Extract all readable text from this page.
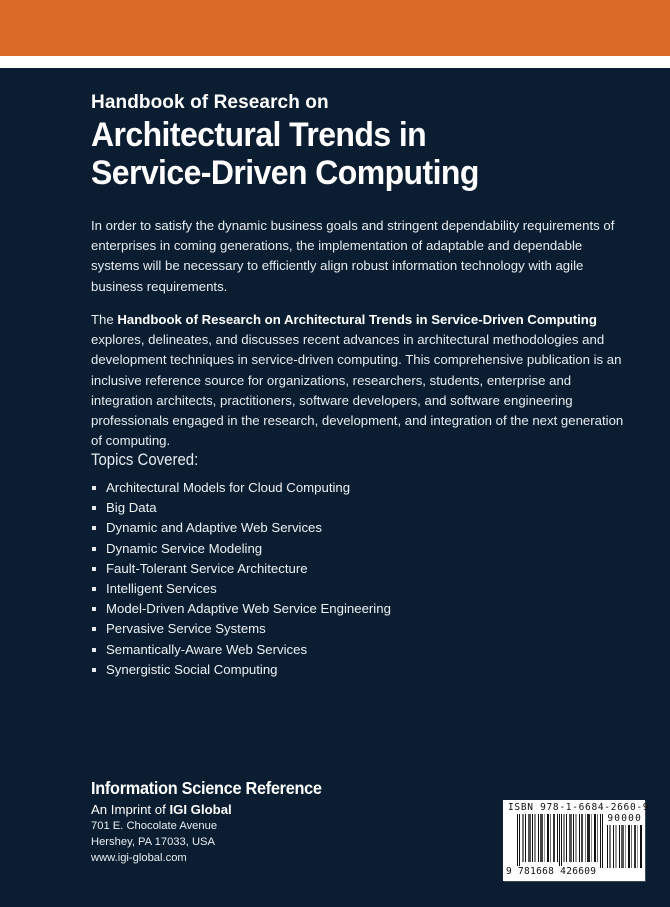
Handbook of Research on
Architectural Trends in
Service-Driven Computing

In order to satisfy the dynamic business goals and stringent dependability requirements of enterprises in coming generations, the implementation of adaptable and dependable systems will be necessary to efficiently align robust information technology with agile business requirements.

The Handbook of Research on Architectural Trends in Service-Driven Computing explores, delineates, and discusses recent advances in architectural methodologies and development techniques in service-driven computing. This comprehensive publication is an inclusive reference source for organizations, researchers, students, enterprise and integration architects, practitioners, software developers, and software engineering professionals engaged in the research, development, and integration of the next generation of computing.

Topics Covered:
Architectural Models for Cloud Computing
Big Data
Dynamic and Adaptive Web Services
Dynamic Service Modeling
Fault-Tolerant Service Architecture
Intelligent Services
Model-Driven Adaptive Web Service Engineering
Pervasive Service Systems
Semantically-Aware Web Services
Synergistic Social Computing
Information Science Reference
An Imprint of IGI Global
701 E. Chocolate Avenue
Hershey, PA 17033, USA
www.igi-global.com
ISBN 978-1-6684-2660-9
90000
9 781668 426609
